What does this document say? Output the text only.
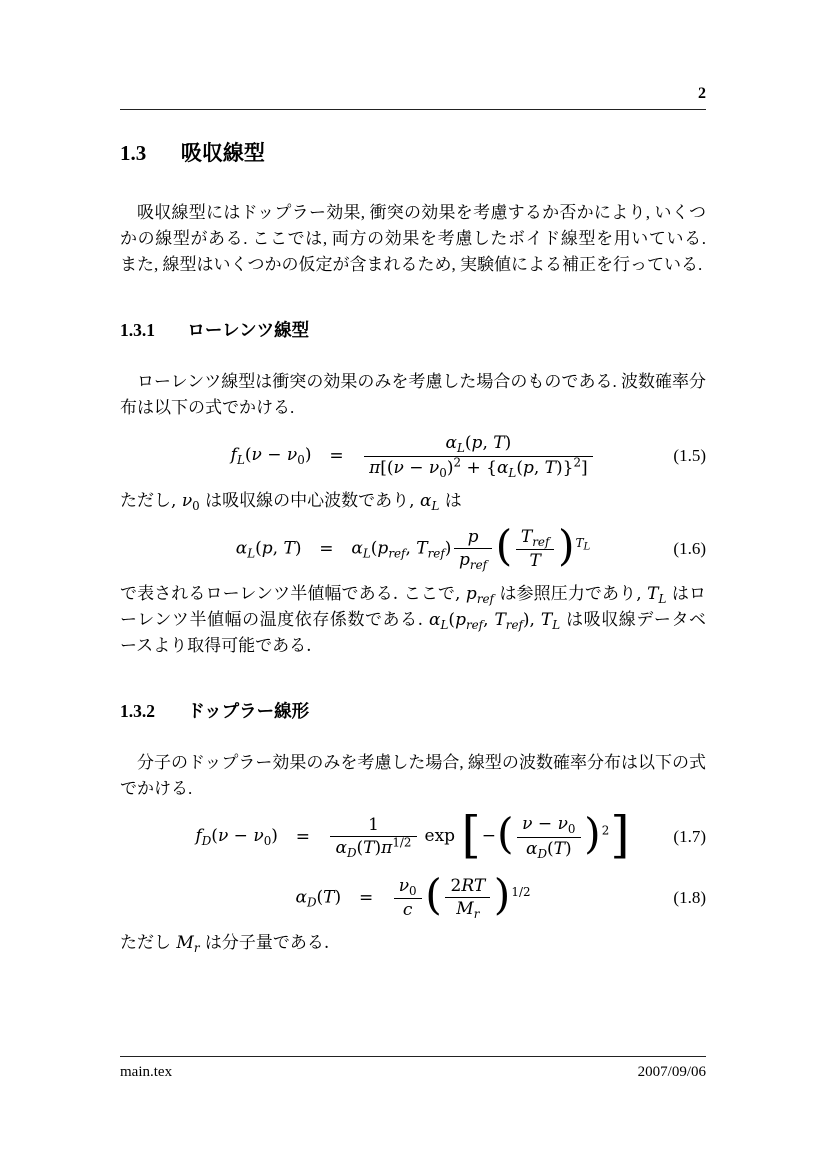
2
1.3 吸収線型

吸収線型にはドップラー効果, 衝突の効果を考慮するか否かにより, いくつかの線型がある. ここでは, 両方の効果を考慮したボイド線型を用いている. また, 線型はいくつかの仮定が含まれるため, 実験値による補正を行っている.

1.3.1 ローレンツ線型

ローレンツ線型は衝突の効果のみを考慮した場合のものである. 波数確率分布は以下の式でかける.

$f_L(\nu - \nu_0) = \frac{\alpha_L(p, T)}{\pi[(\nu - \nu_0)^2 + \{\alpha_L(p, T)\}^2]}$	(1.5)

ただし, $\nu_0$ は吸収線の中心波数であり, $\alpha_L$ は

$\alpha_L(p$, $T) = \alpha_L(p_{ref}$, $T_{ref}$)
p
$p_{ref}$ ( $T_{ref}$
T )$^{T_L}$	(1.6)

で表されるローレンツ半値幅である. ここで, $p_{ref}$ は参照圧力であり, $T_L$ はローレンツ半値幅の温度依存係数である. $\alpha_L(p_{ref}$, $T_{ref}$), $T_L$ は吸収線データベースより取得可能である.

1.3.2 ドップラー線形

分子のドップラー効果のみを考慮した場合, 線型の波数確率分布は以下の式でかける.

$f_D(\nu - \nu_0) = \frac{1}{\alpha_D(T)\pi^{1/2}}$ exp [−( $\frac{\nu - \nu_0}{\alpha_D(T)} )^2$]	(1.7)
$\alpha_D(T) = \frac{\nu_0}{c}$ ( $\frac{2RT}{M_r} )^{1/2}$	(1.8)

ただし $M_r$ は分子量である.

main.tex	2007/09/06
